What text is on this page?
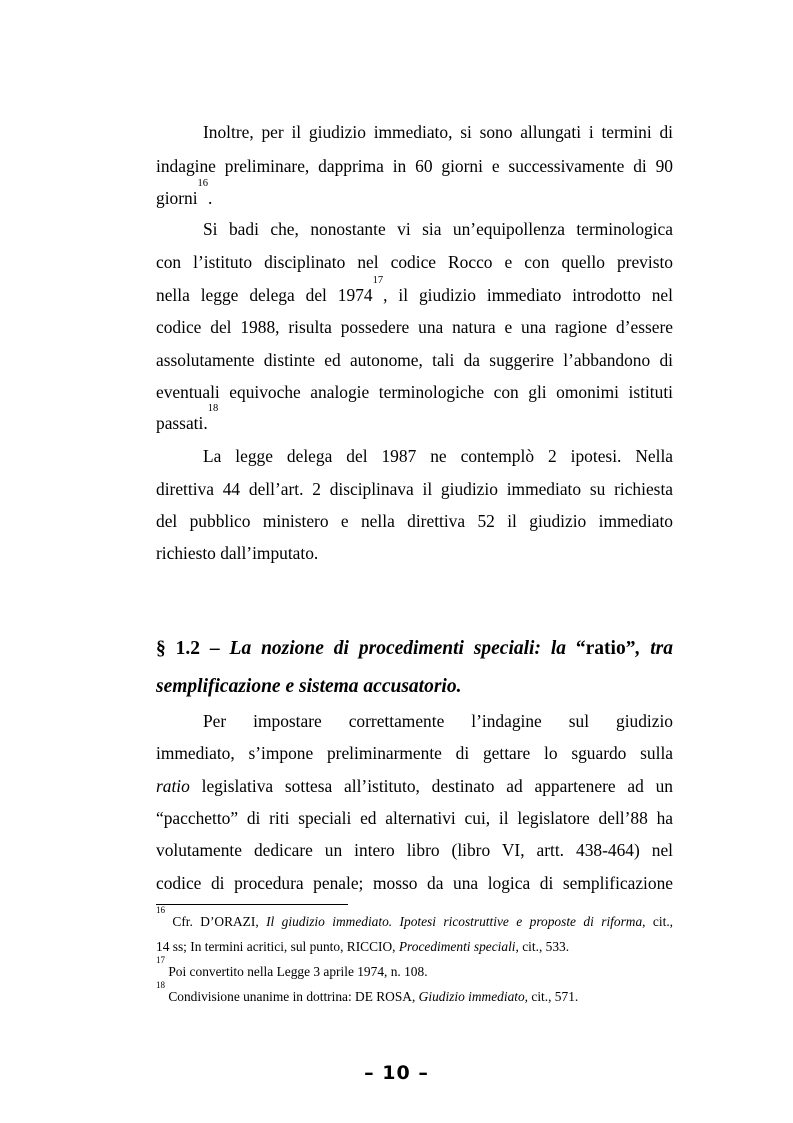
Inoltre, per il giudizio immediato, si sono allungati i termini di
indagine preliminare, dapprima in 60 giorni e successivamente di 90
giorni$^{16}$.
Si badi che, nonostante vi sia un’equipollenza terminologica
con l’istituto disciplinato nel codice Rocco e con quello previsto
nella legge delega del 1974$^{17}$, il giudizio immediato introdotto nel
codice del 1988, risulta possedere una natura e una ragione d’essere
assolutamente distinte ed autonome, tali da suggerire l’abbandono di
eventuali equivoche analogie terminologiche con gli omonimi istituti
passati.$^{18}$
La legge delega del 1987 ne contemplò 2 ipotesi. Nella
direttiva 44 dell’art. 2 disciplinava il giudizio immediato su richiesta
del pubblico ministero e nella direttiva 52 il giudizio immediato
richiesto dall’imputato.
§ 1.2 – La nozione di procedimenti speciali: la “ratio”, tra
semplificazione e sistema accusatorio.
Per impostare correttamente l’indagine sul giudizio
immediato, s’impone preliminarmente di gettare lo sguardo sulla
ratio legislativa sottesa all’istituto, destinato ad appartenere ad un
“pacchetto” di riti speciali ed alternativi cui, il legislatore dell’88 ha
volutamente dedicare un intero libro (libro VI, artt. 438-464) nel
codice di procedura penale; mosso da una logica di semplificazione
$^{16}$ Cfr. D’ORAZI, Il giudizio immediato. Ipotesi ricostruttive e proposte di riforma, cit.,
14 ss; In termini acritici, sul punto, RICCIO, Procedimenti speciali, cit., 533.
$^{17}$ Poi convertito nella Legge 3 aprile 1974, n. 108.
$^{18}$ Condivisione unanime in dottrina: DE ROSA, Giudizio immediato, cit., 571.
– 10 –
